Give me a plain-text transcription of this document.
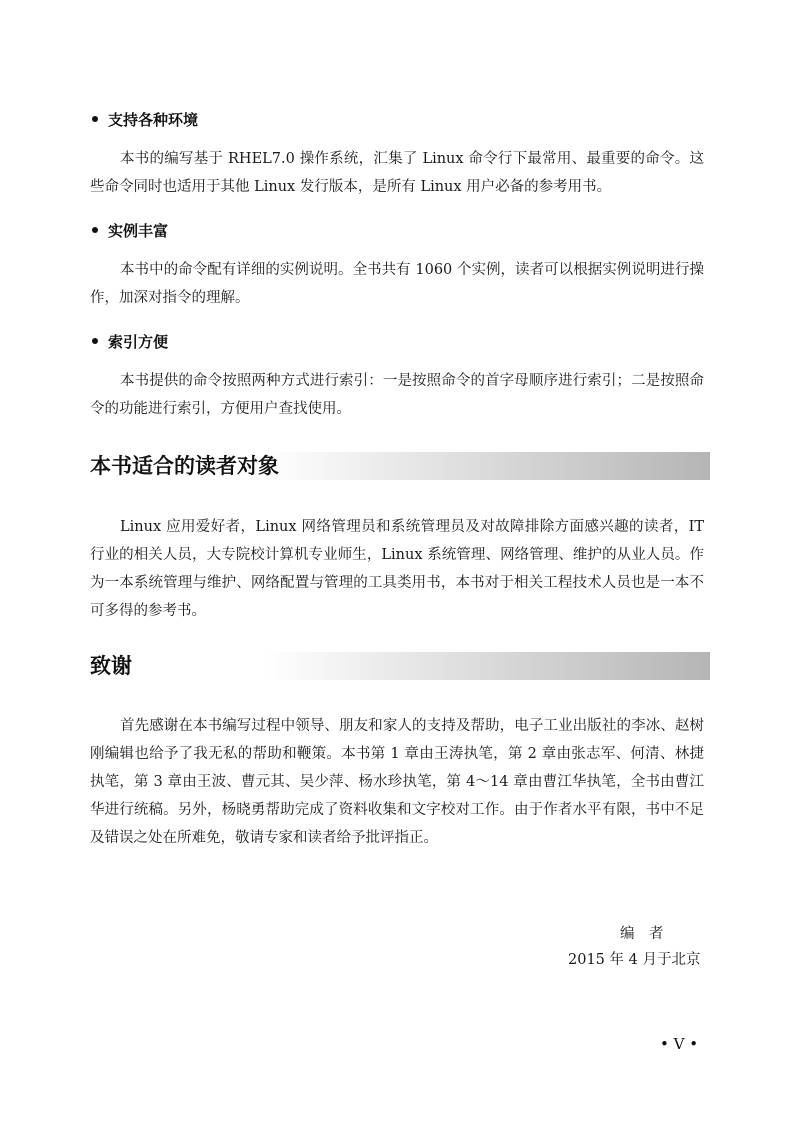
支持各种环境
本书的编写基于 RHEL7.0 操作系统，汇集了 Linux 命令行下最常用、最重要的命令。这些命令同时也适用于其他 Linux 发行版本，是所有 Linux 用户必备的参考用书。
实例丰富
本书中的命令配有详细的实例说明。全书共有 1060 个实例，读者可以根据实例说明进行操作，加深对指令的理解。
索引方便
本书提供的命令按照两种方式进行索引：一是按照命令的首字母顺序进行索引；二是按照命令的功能进行索引，方便用户查找使用。
本书适合的读者对象
Linux 应用爱好者，Linux 网络管理员和系统管理员及对故障排除方面感兴趣的读者，IT 行业的相关人员，大专院校计算机专业师生，Linux 系统管理、网络管理、维护的从业人员。作为一本系统管理与维护、网络配置与管理的工具类用书，本书对于相关工程技术人员也是一本不可多得的参考书。
致谢
首先感谢在本书编写过程中领导、朋友和家人的支持及帮助，电子工业出版社的李冰、赵树刚编辑也给予了我无私的帮助和鞭策。本书第 1 章由王涛执笔，第 2 章由张志军、何清、林捷执笔，第 3 章由王波、曹元其、吴少萍、杨水珍执笔，第 4～14 章由曹江华执笔，全书由曹江华进行统稿。另外，杨晓勇帮助完成了资料收集和文字校对工作。由于作者水平有限，书中不足及错误之处在所难免，敬请专家和读者给予批评指正。
编　者
2015 年 4 月于北京
• V •
